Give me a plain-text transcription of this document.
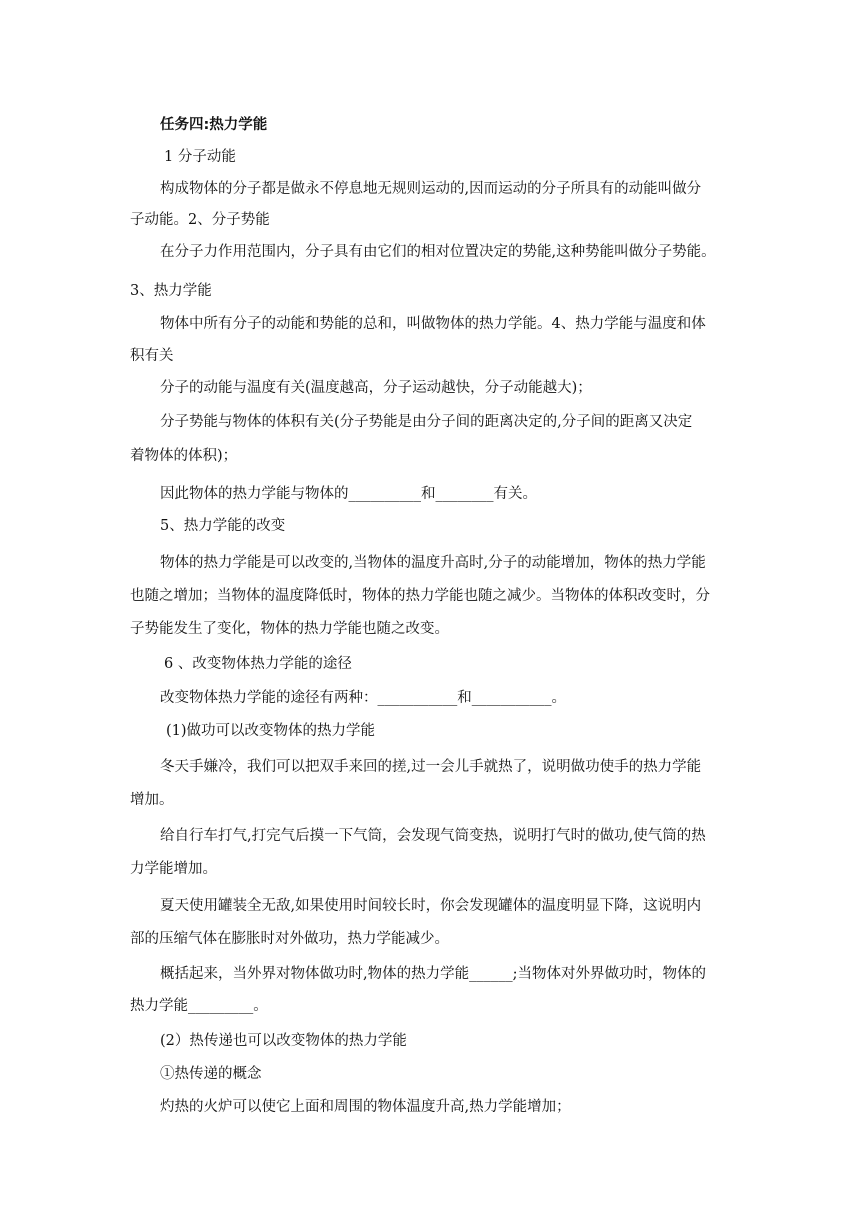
任务四:热力学能
1 分子动能
构成物体的分子都是做永不停息地无规则运动的,因而运动的分子所具有的动能叫做分
子动能。2、分子势能
在分子力作用范围内，分子具有由它们的相对位置决定的势能,这种势能叫做分子势能。
3、热力学能
物体中所有分子的动能和势能的总和，叫做物体的热力学能。4、热力学能与温度和体
积有关
分子的动能与温度有关(温度越高，分子运动越快，分子动能越大)；
分子势能与物体的体积有关(分子势能是由分子间的距离决定的,分子间的距离又决定
着物体的体积)；
因此物体的热力学能与物体的__________和________有关。
5、热力学能的改变
物体的热力学能是可以改变的,当物体的温度升高时,分子的动能增加，物体的热力学能
也随之增加；当物体的温度降低时，物体的热力学能也随之减少。当物体的体积改变时，分
子势能发生了变化，物体的热力学能也随之改变。
6 、改变物体热力学能的途径
改变物体热力学能的途径有两种：___________和___________。
(1)做功可以改变物体的热力学能
冬天手嫌冷，我们可以把双手来回的搓,过一会儿手就热了，说明做功使手的热力学能
增加。
给自行车打气,打完气后摸一下气筒，会发现气筒变热，说明打气时的做功,使气筒的热
力学能增加。
夏天使用罐装全无敌,如果使用时间较长时，你会发现罐体的温度明显下降，这说明内
部的压缩气体在膨胀时对外做功，热力学能减少。
概括起来，当外界对物体做功时,物体的热力学能______;当物体对外界做功时，物体的
热力学能_________。
(2）热传递也可以改变物体的热力学能
①热传递的概念
灼热的火炉可以使它上面和周围的物体温度升高,热力学能增加；
